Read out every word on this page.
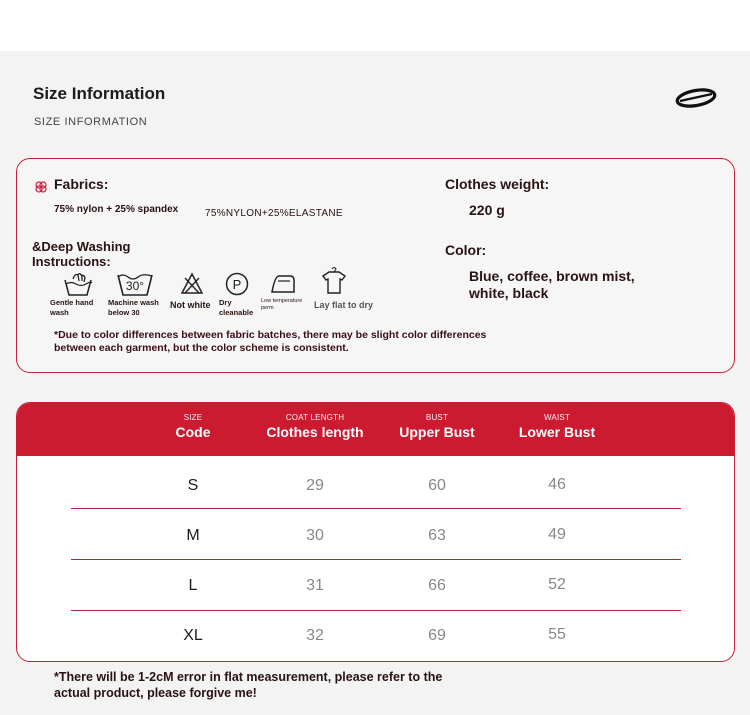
Size Information
SIZE INFORMATION
Fabrics:
75% nylon + 25% spandex	75%NYLON+25%ELASTANE
&Deep Washing
Instructions:
Gentle hand wash
30°
Machine wash below 30
Not white
P
Dry cleanable
Low temperature perm	Lay flat to dry
*Due to color differences between fabric batches, there may be slight color differences
between each garment, but the color scheme is consistent.
Clothes weight:
220 g
Color:
Blue, coffee, brown mist,
white, black
SIZE
Code
COAT LENGTH
Clothes length
BUST
Upper Bust
WAIST
Lower Bust
S	29	60	46
M	30	63	49
L	31	66	52
XL	32	69	55
*There will be 1-2cM error in flat measurement, please refer to the
actual product, please forgive me!
